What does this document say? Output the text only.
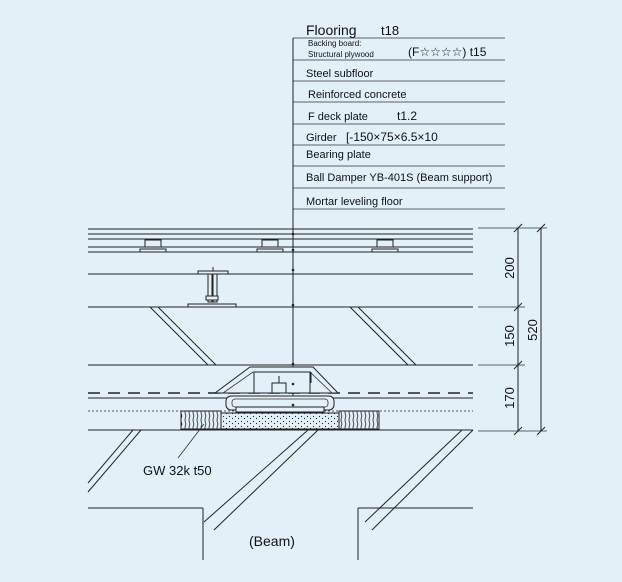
Flooring t18
Backing board:
Structural plywood	(F☆☆☆☆) t15
Steel subfloor
Reinforced concrete
F deck plate t1.2
Girder [-150×75×6.5×10
Bearing plate
Ball Damper YB-401S (Beam support)
Mortar leveling floor
GW 32k t50
(Beam)
200
150
170
520
